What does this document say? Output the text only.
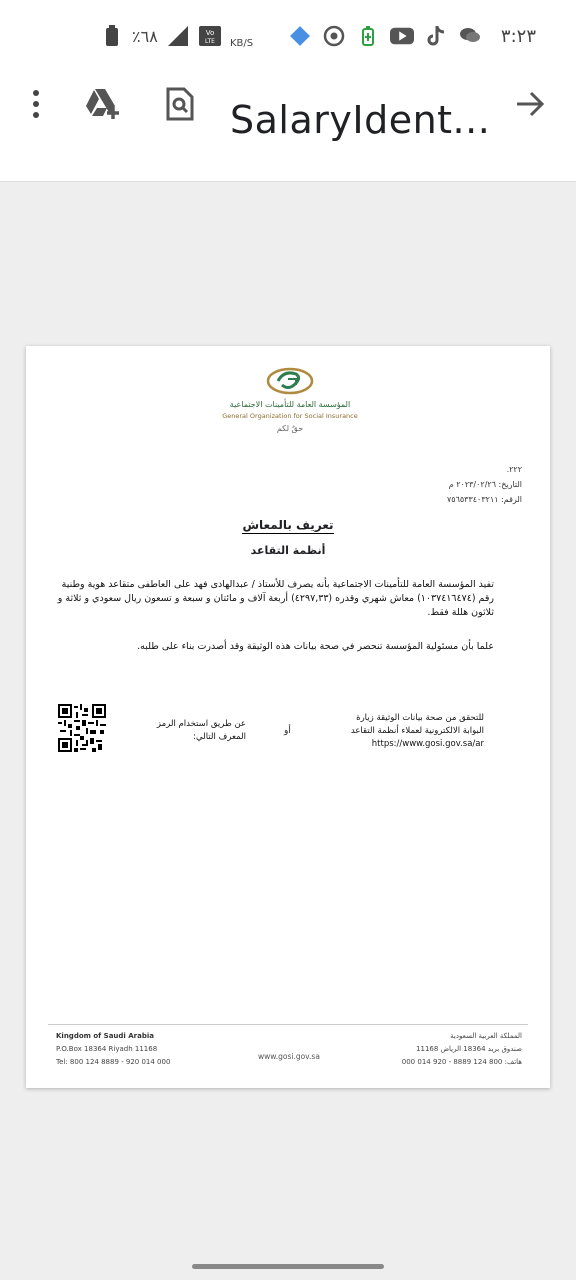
٪٦٨	Vo
LTE KB/S	٣:٢٣
SalaryIdent...
المؤسسة العامة للتأمينات الاجتماعية
General Organization for Social Insurance
حقٌ لكم
٢٢٢.
التاريخ: ٢٠٢٣/٠٢/٢٦ م
الرقم: ٧٥٦٥٣٣٤٠٣٢١١
تعريف بالمعاش
أنظمة التقاعد
تفيد المؤسسة العامة للتأمينات الاجتماعية بأنه يصرف للأستاذ / عبدالهادى فهد على العاطفى متقاعد هوية وطنية رقم (١٠٣٧٤١٦٤٧٤) معاش شهري وقدره (٤٢٩٧,٣٣) أربعة آلاف و مائتان و سبعة و تسعون ريال سعودي و ثلاثة و ثلاثون هللة فقط.
علما بأن مسئولية المؤسسة تنحصر في صحة بيانات هذه الوثيقة وقد أصدرت بناء على طلبه.
للتحقق من صحة بيانات الوثيقة زيارة البوابة الالكترونية لعملاء أنظمة التقاعد
https://www.gosi.gov.sa/ar
أو
عن طريق استخدام الرمز المعرف التالي:
Kingdom of Saudi Arabia
P.O.Box 18364 Riyadh 11168
Tel: 800 124 8889 - 920 014 000
www.gosi.gov.sa
المملكة العربية السعودية
صندوق بريد 18364 الرياض 11168
هاتف: 800 124 8889 - 920 014 000
